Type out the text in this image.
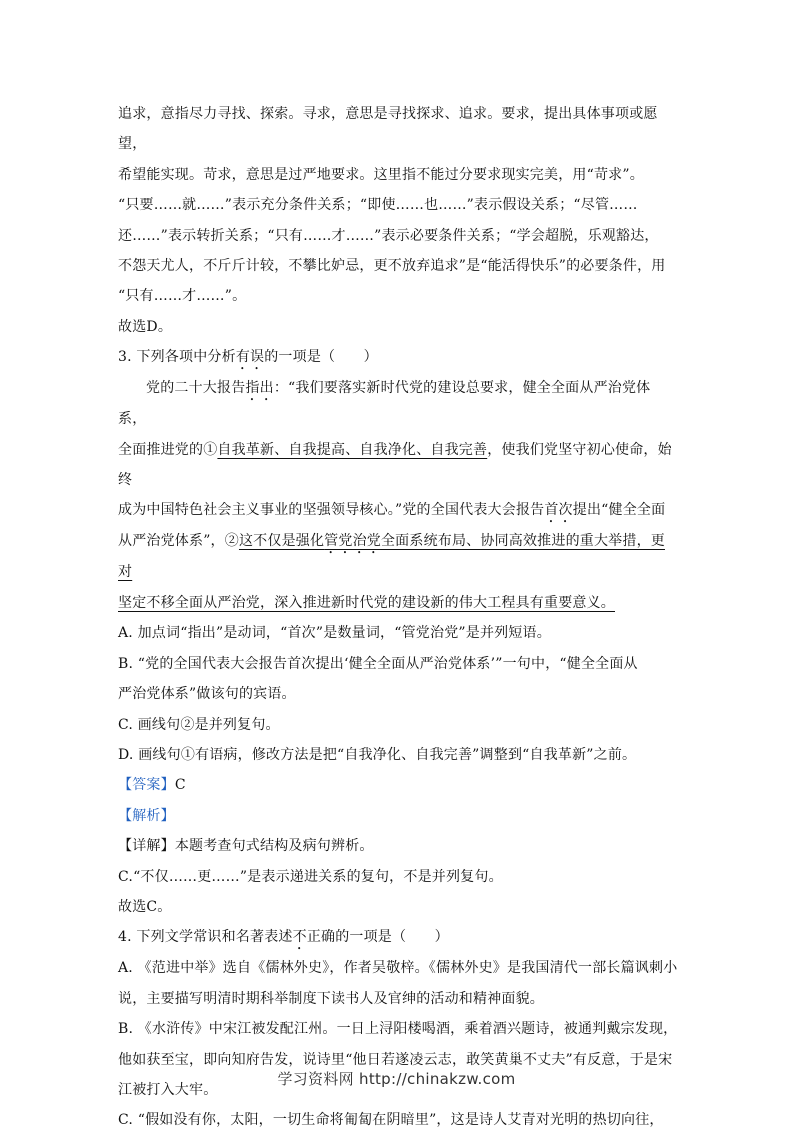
追求，意指尽力寻找、探索。寻求，意思是寻找探求、追求。要求，提出具体事项或愿望，

希望能实现。苛求，意思是过严地要求。这里指不能过分要求现实完美，用“苛求”。

“只要……就……”表示充分条件关系；“即使……也……”表示假设关系；“尽管……

还……”表示转折关系；“只有……才……”表示必要条件关系；“学会超脱，乐观豁达，

不怨天尤人，不斤斤计较，不攀比妒忌，更不放弃追求”是“能活得快乐”的必要条件，用

“只有……才……”。

故选D。

3. 下列各项中分析有误的一项是（　　）

党的二十大报告指出：“我们要落实新时代党的建设总要求，健全全面从严治党体系，

全面推进党的①自我革新、自我提高、自我净化、自我完善，使我们党坚守初心使命，始终

成为中国特色社会主义事业的坚强领导核心。”党的全国代表大会报告首次提出“健全全面

从严治党体系”，②这不仅是强化管党治党全面系统布局、协同高效推进的重大举措，更对

坚定不移全面从严治党，深入推进新时代党的建设新的伟大工程具有重要意义。

A. 加点词“指出”是动词，“首次”是数量词，“管党治党”是并列短语。

B. “党的全国代表大会报告首次提出‘健全全面从严治党体系’”一句中，“健全全面从

严治党体系”做该句的宾语。

C. 画线句②是并列复句。

D. 画线句①有语病，修改方法是把“自我净化、自我完善”调整到“自我革新”之前。

【答案】C

【解析】

【详解】本题考查句式结构及病句辨析。

C.“不仅……更……”是表示递进关系的复句，不是并列复句。

故选C。

4. 下列文学常识和名著表述不正确的一项是（　　）

A. 《范进中举》选自《儒林外史》，作者吴敬梓。《儒林外史》是我国清代一部长篇讽刺小

说，主要描写明清时期科举制度下读书人及官绅的活动和精神面貌。

B. 《水浒传》中宋江被发配江州。一日上浔阳楼喝酒，乘着酒兴题诗，被通判戴宗发现，

他如获至宝，即向知府告发，说诗里“他日若遂凌云志，敢笑黄巢不丈夫”有反意，于是宋

江被打入大牢。

C. “假如没有你，太阳，一切生命将匍匐在阴暗里”，这是诗人艾青对光明的热切向往，

学习资料网 http://chinakzw.com
